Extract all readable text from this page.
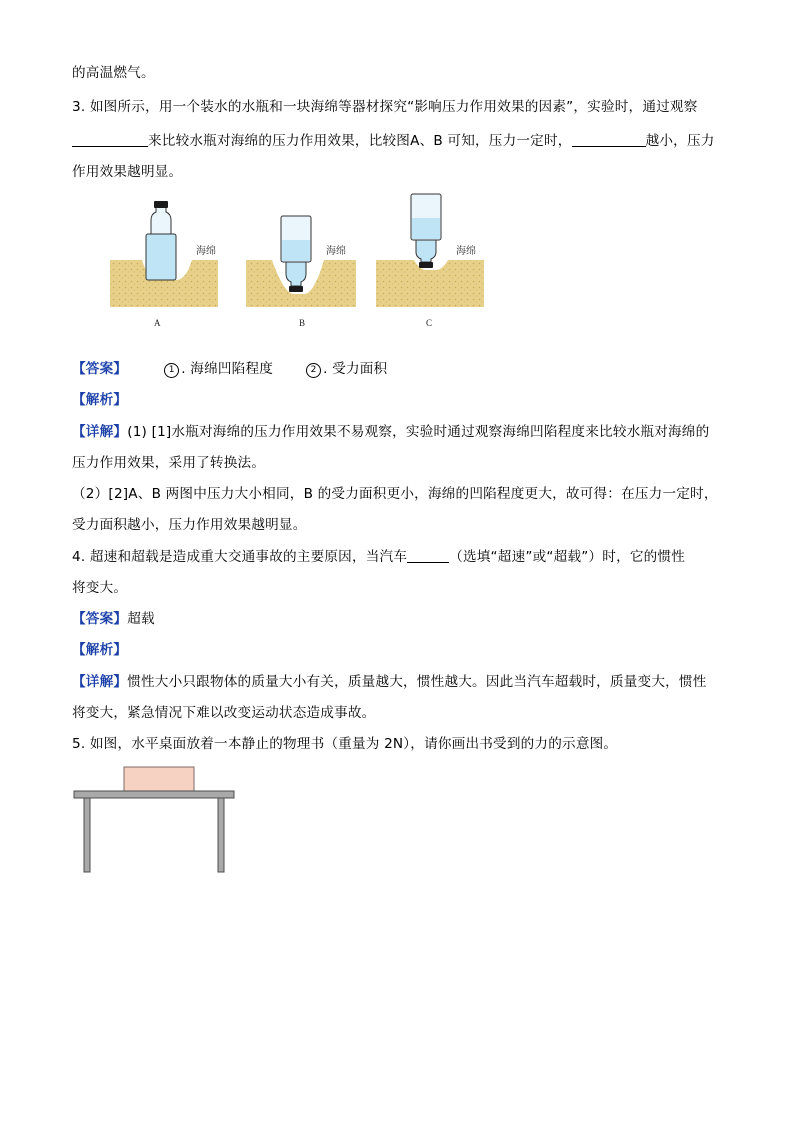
的高温燃气。
3. 如图所示，用一个装水的水瓶和一块海绵等器材探究“影响压力作用效果的因素”，实验时，通过观察
来比较水瓶对海绵的压力作用效果，比较图A、B 可知，压力一定时，	越小，压力
作用效果越明显。
海绵	海绵	海绵
A	B	C
【答案】	1 . 海绵凹陷程度	2 . 受力面积
【解析】
【详解】(1) [1]水瓶对海绵的压力作用效果不易观察，实验时通过观察海绵凹陷程度来比较水瓶对海绵的
压力作用效果，采用了转换法。
（2）[2]A、B 两图中压力大小相同，B 的受力面积更小，海绵的凹陷程度更大，故可得：在压力一定时，
受力面积越小，压力作用效果越明显。
4. 超速和超载是造成重大交通事故的主要原因，当汽车	（选填“超速”或“超载”）时，它的惯性
将变大。
【答案】超载
【解析】
【详解】惯性大小只跟物体的质量大小有关，质量越大，惯性越大。因此当汽车超载时，质量变大，惯性
将变大，紧急情况下难以改变运动状态造成事故。
5. 如图，水平桌面放着一本静止的物理书（重量为 2N），请你画出书受到的力的示意图。
